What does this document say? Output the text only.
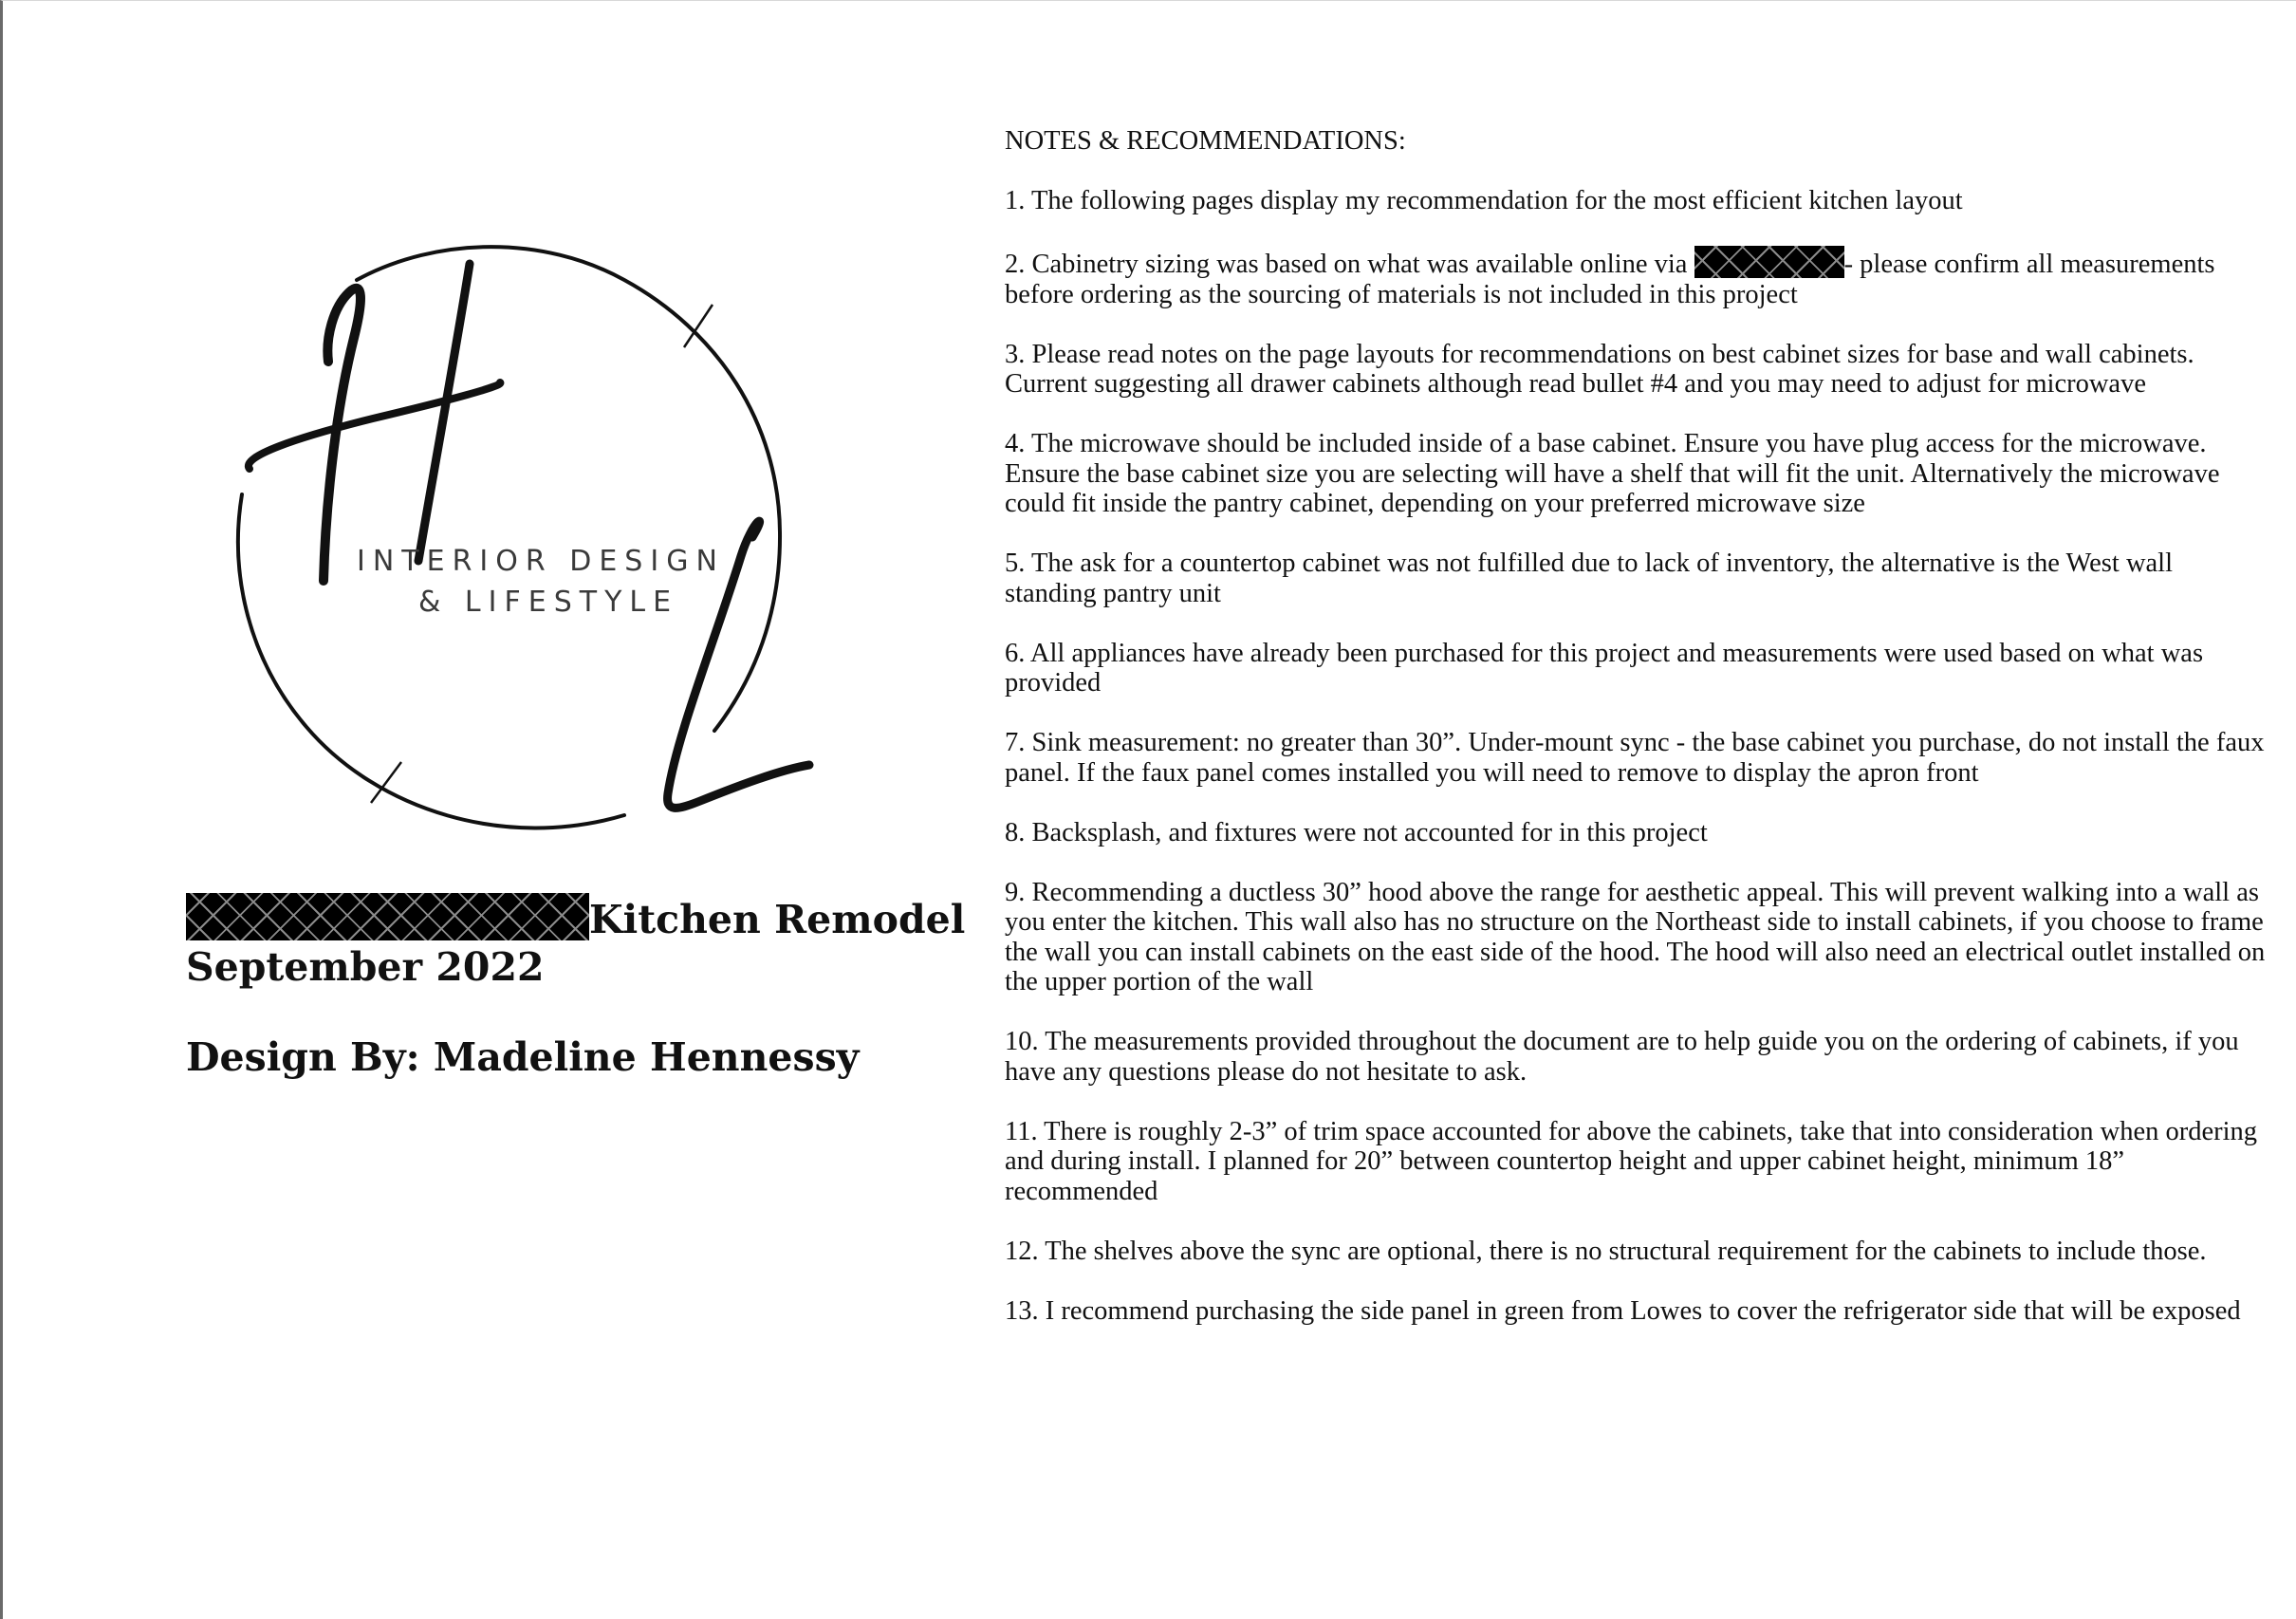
INTERIOR DESIGN
& LIFESTYLE
Kitchen Remodel
September 2022
Design By: Madeline Hennessy

NOTES & RECOMMENDATIONS:

1. The following pages display my recommendation for the most efficient kitchen layout

2. Cabinetry sizing was based on what was available online via	- please confirm all measurements before ordering as the sourcing of materials is not included in this project

3. Please read notes on the page layouts for recommendations on best cabinet sizes for base and wall cabinets. Current suggesting all drawer cabinets although read bullet #4 and you may need to adjust for microwave

4. The microwave should be included inside of a base cabinet. Ensure you have plug access for the microwave. Ensure the base cabinet size you are selecting will have a shelf that will fit the unit. Alternatively the microwave could fit inside the pantry cabinet, depending on your preferred microwave size

5. The ask for a countertop cabinet was not fulfilled due to lack of inventory, the alternative is the West wall standing pantry unit

6. All appliances have already been purchased for this project and measurements were used based on what was provided

7. Sink measurement: no greater than 30”. Under-mount sync - the base cabinet you purchase, do not install the faux panel. If the faux panel comes installed you will need to remove to display the apron front

8. Backsplash, and fixtures were not accounted for in this project

9. Recommending a ductless 30” hood above the range for aesthetic appeal. This will prevent walking into a wall as you enter the kitchen. This wall also has no structure on the Northeast side to install cabinets, if you choose to frame the wall you can install cabinets on the east side of the hood. The hood will also need an electrical outlet installed on the upper portion of the wall

10. The measurements provided throughout the document are to help guide you on the ordering of cabinets, if you have any questions please do not hesitate to ask.

11. There is roughly 2-3” of trim space accounted for above the cabinets, take that into consideration when ordering and during install. I planned for 20” between countertop height and upper cabinet height, minimum 18” recommended

12. The shelves above the sync are optional, there is no structural requirement for the cabinets to include those.

13. I recommend purchasing the side panel in green from Lowes to cover the refrigerator side that will be exposed
